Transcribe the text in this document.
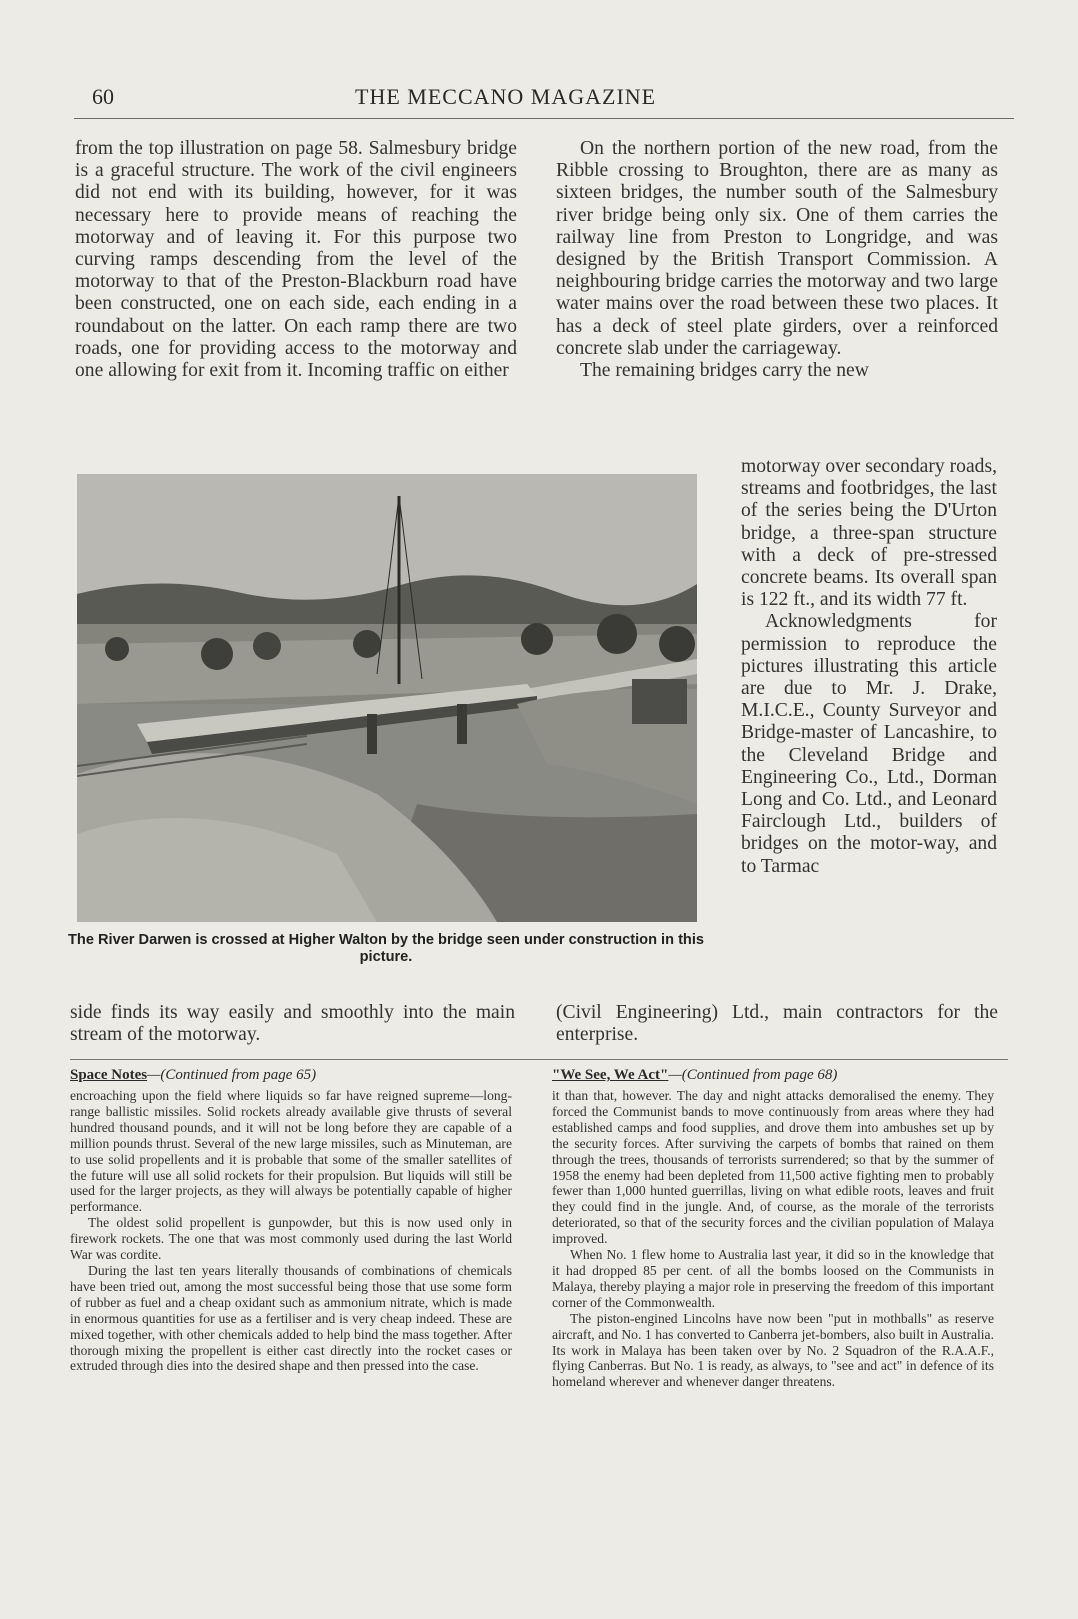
60	THE MECCANO MAGAZINE

from the top illustration on page 58. Salmesbury bridge is a graceful structure. The work of the civil engineers did not end with its building, however, for it was necessary here to provide means of reaching the motorway and of leaving it. For this purpose two curving ramps descending from the level of the motorway to that of the Preston-Blackburn road have been constructed, one on each side, each ending in a roundabout on the latter. On each ramp there are two roads, one for providing access to the motorway and one allowing for exit from it. Incoming traffic on either

On the northern portion of the new road, from the Ribble crossing to Broughton, there are as many as sixteen bridges, the number south of the Salmesbury river bridge being only six. One of them carries the railway line from Preston to Longridge, and was designed by the British Transport Commission. A neighbouring bridge carries the motorway and two large water mains over the road between these two places. It has a deck of steel plate girders, over a reinforced concrete slab under the carriageway.

The remaining bridges carry the new

The River Darwen is crossed at Higher Walton by the bridge seen under construction in this picture.

motorway over secondary roads, streams and footbridges, the last of the series being the D'Urton bridge, a three-span structure with a deck of pre-stressed concrete beams. Its overall span is 122 ft., and its width 77 ft.

Acknowledgments for permission to reproduce the pictures illustrating this article are due to Mr. J. Drake, M.I.C.E., County Surveyor and Bridge-master of Lancashire, to the Cleveland Bridge and Engineering Co., Ltd., Dorman Long and Co. Ltd., and Leonard Fairclough Ltd., builders of bridges on the motor-way, and to Tarmac

side finds its way easily and smoothly into the main stream of the motorway.

(Civil Engineering) Ltd., main contractors for the enterprise.

Space Notes—(Continued from page 65)

encroaching upon the field where liquids so far have reigned supreme—long-range ballistic missiles. Solid rockets already available give thrusts of several hundred thousand pounds, and it will not be long before they are capable of a million pounds thrust. Several of the new large missiles, such as Minuteman, are to use solid propellents and it is probable that some of the smaller satellites of the future will use all solid rockets for their propulsion. But liquids will still be used for the larger projects, as they will always be potentially capable of higher performance.

The oldest solid propellent is gunpowder, but this is now used only in firework rockets. The one that was most commonly used during the last World War was cordite.

During the last ten years literally thousands of combinations of chemicals have been tried out, among the most successful being those that use some form of rubber as fuel and a cheap oxidant such as ammonium nitrate, which is made in enormous quantities for use as a fertiliser and is very cheap indeed. These are mixed together, with other chemicals added to help bind the mass together. After thorough mixing the propellent is either cast directly into the rocket cases or extruded through dies into the desired shape and then pressed into the case.

"We See, We Act"—(Continued from page 68)

it than that, however. The day and night attacks demoralised the enemy. They forced the Communist bands to move continuously from areas where they had established camps and food supplies, and drove them into ambushes set up by the security forces. After surviving the carpets of bombs that rained on them through the trees, thousands of terrorists surrendered; so that by the summer of 1958 the enemy had been depleted from 11,500 active fighting men to probably fewer than 1,000 hunted guerrillas, living on what edible roots, leaves and fruit they could find in the jungle. And, of course, as the morale of the terrorists deteriorated, so that of the security forces and the civilian population of Malaya improved.

When No. 1 flew home to Australia last year, it did so in the knowledge that it had dropped 85 per cent. of all the bombs loosed on the Communists in Malaya, thereby playing a major role in preserving the freedom of this important corner of the Commonwealth.

The piston-engined Lincolns have now been "put in mothballs" as reserve aircraft, and No. 1 has converted to Canberra jet-bombers, also built in Australia. Its work in Malaya has been taken over by No. 2 Squadron of the R.A.A.F., flying Canberras. But No. 1 is ready, as always, to "see and act" in defence of its homeland wherever and whenever danger threatens.
